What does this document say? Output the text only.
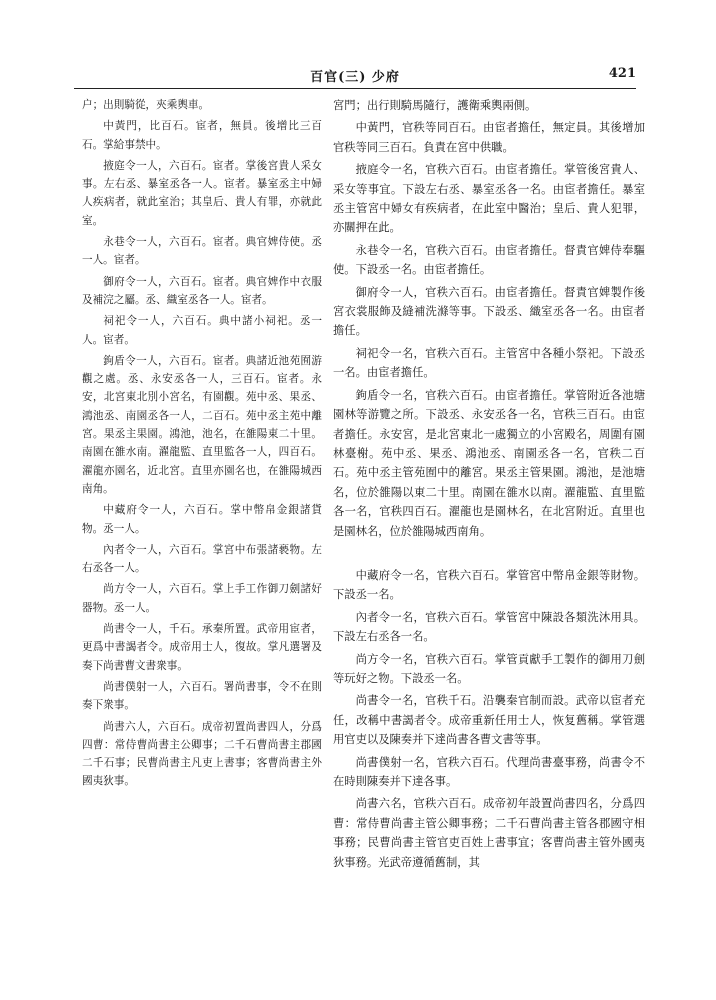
百官(三) 少府	421

户；出則騎從，夾乘輿車。

中黃門，比百石。宦者，無員。後增比三百石。掌給事禁中。

掖庭令一人，六百石。宦者。掌後宮貴人采女事。左右丞、暴室丞各一人。宦者。暴室丞主中婦人疾病者，就此室治；其皇后、貴人有罪，亦就此室。

永巷令一人，六百石。宦者。典官婢侍使。丞一人。宦者。

御府令一人，六百石。宦者。典官婢作中衣服及補浣之屬。丞、織室丞各一人。宦者。

祠祀令一人，六百石。典中諸小祠祀。丞一人。宦者。

鉤盾令一人，六百石。宦者。典諸近池苑囿游觀之處。丞、永安丞各一人，三百石。宦者。永安，北宮東北別小宮名，有園觀。苑中丞、果丞、鴻池丞、南園丞各一人，二百石。苑中丞主苑中離宮。果丞主果園。鴻池，池名，在雒陽東二十里。南園在雒水南。濯龍監、直里監各一人，四百石。濯龍亦園名，近北宮。直里亦園名也，在雒陽城西南角。

中藏府令一人，六百石。掌中幣帛金銀諸貨物。丞一人。

內者令一人，六百石。掌宮中布張諸褻物。左右丞各一人。

尚方令一人，六百石。掌上手工作御刀劍諸好器物。丞一人。

尚書令一人，千石。承秦所置。武帝用宦者，更爲中書謁者令。成帝用士人，復故。掌凡選署及奏下尚書曹文書衆事。

尚書僕射一人，六百石。署尚書事，令不在則奏下衆事。

尚書六人，六百石。成帝初置尚書四人，分爲四曹：常侍曹尚書主公卿事；二千石曹尚書主郡國二千石事；民曹尚書主凡吏上書事；客曹尚書主外國夷狄事。

宮門；出行則騎馬隨行，護衛乘輿兩側。

中黃門，官秩等同百石。由宦者擔任，無定員。其後增加官秩等同三百石。負責在宮中供職。

掖庭令一名，官秩六百石。由宦者擔任。掌管後宮貴人、采女等事宜。下設左右丞、暴室丞各一名。由宦者擔任。暴室丞主管宮中婦女有疾病者，在此室中醫治；皇后、貴人犯罪，亦關押在此。

永巷令一名，官秩六百石。由宦者擔任。督責官婢侍奉驅使。下設丞一名。由宦者擔任。

御府令一人，官秩六百石。由宦者擔任。督責官婢製作後宮衣裳服飾及縫補洗滌等事。下設丞、織室丞各一名。由宦者擔任。

祠祀令一名，官秩六百石。主管宮中各種小祭祀。下設丞一名。由宦者擔任。

鉤盾令一名，官秩六百石。由宦者擔任。掌管附近各池塘園林等游覽之所。下設丞、永安丞各一名，官秩三百石。由宦者擔任。永安宮，是北宮東北一處獨立的小宮殿名，周圍有園林臺榭。苑中丞、果丞、鴻池丞、南園丞各一名，官秩二百石。苑中丞主管苑囿中的離宮。果丞主管果園。鴻池，是池塘名，位於雒陽以東二十里。南園在雒水以南。濯龍監、直里監各一名，官秩四百石。濯龍也是園林名，在北宮附近。直里也是園林名，位於雒陽城西南角。

中藏府令一名，官秩六百石。掌管宮中幣帛金銀等財物。下設丞一名。

內者令一名，官秩六百石。掌管宮中陳設各類洗沐用具。下設左右丞各一名。

尚方令一名，官秩六百石。掌管貢獻手工製作的御用刀劍等玩好之物。下設丞一名。

尚書令一名，官秩千石。沿襲秦官制而設。武帝以宦者充任，改稱中書謁者令。成帝重新任用士人，恢复舊稱。掌管選用官吏以及陳奏并下達尚書各曹文書等事。

尚書僕射一名，官秩六百石。代理尚書臺事務，尚書令不在時則陳奏并下達各事。

尚書六名，官秩六百石。成帝初年設置尚書四名，分爲四曹：常侍曹尚書主管公卿事務；二千石曹尚書主管各郡國守相事務；民曹尚書主管官吏百姓上書事宜；客曹尚書主管外國夷狄事務。光武帝遵循舊制，其
